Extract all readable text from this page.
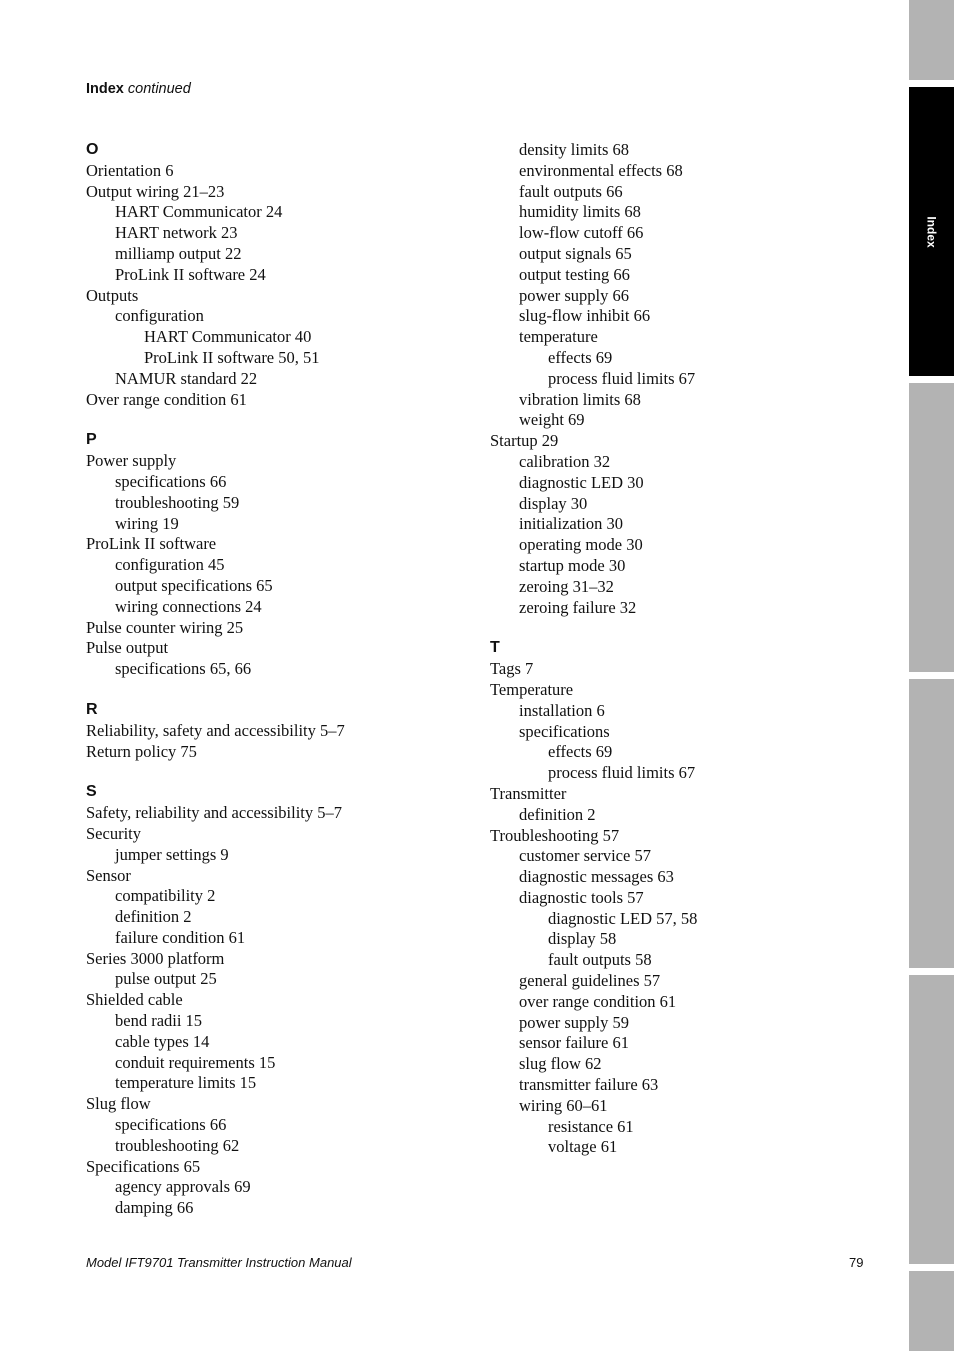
Index continued
O
Orientation 6
Output wiring 21–23
HART Communicator 24
HART network 23
milliamp output 22
ProLink II software 24
Outputs
configuration
HART Communicator 40
ProLink II software 50, 51
NAMUR standard 22
Over range condition 61
P
Power supply
specifications 66
troubleshooting 59
wiring 19
ProLink II software
configuration 45
output specifications 65
wiring connections 24
Pulse counter wiring 25
Pulse output
specifications 65, 66
R
Reliability, safety and accessibility 5–7
Return policy 75
S
Safety, reliability and accessibility 5–7
Security
jumper settings 9
Sensor
compatibility 2
definition 2
failure condition 61
Series 3000 platform
pulse output 25
Shielded cable
bend radii 15
cable types 14
conduit requirements 15
temperature limits 15
Slug flow
specifications 66
troubleshooting 62
Specifications 65
agency approvals 69
damping 66
density limits 68
environmental effects 68
fault outputs 66
humidity limits 68
low-flow cutoff 66
output signals 65
output testing 66
power supply 66
slug-flow inhibit 66
temperature
effects 69
process fluid limits 67
vibration limits 68
weight 69
Startup 29
calibration 32
diagnostic LED 30
display 30
initialization 30
operating mode 30
startup mode 30
zeroing 31–32
zeroing failure 32
T
Tags 7
Temperature
installation 6
specifications
effects 69
process fluid limits 67
Transmitter
definition 2
Troubleshooting 57
customer service 57
diagnostic messages 63
diagnostic tools 57
diagnostic LED 57, 58
display 58
fault outputs 58
general guidelines 57
over range condition 61
power supply 59
sensor failure 61
slug flow 62
transmitter failure 63
wiring 60–61
resistance 61
voltage 61
Index
Model IFT9701 Transmitter Instruction Manual	79
